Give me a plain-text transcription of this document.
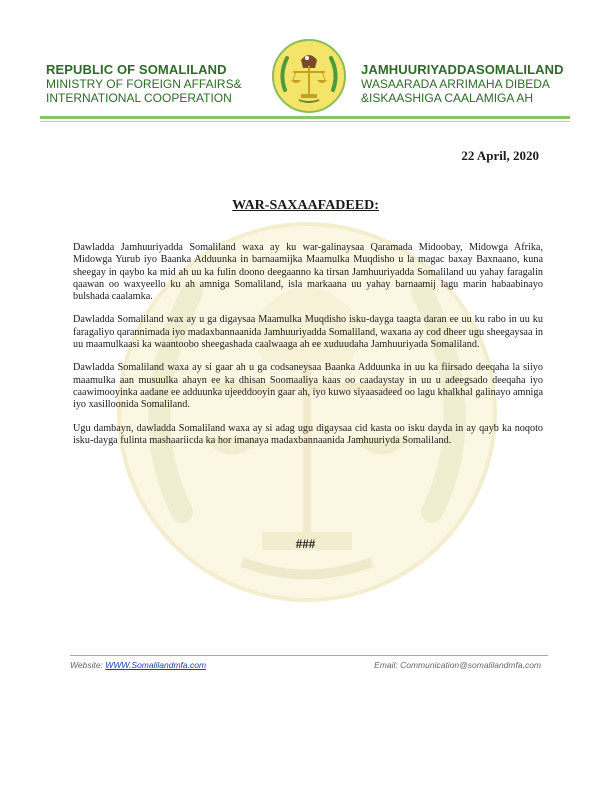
REPUBLIC OF SOMALILAND
MINISTRY OF FOREIGN AFFAIRS&
INTERNATIONAL COOPERATION
JAMHUURIYADDASOMALILAND
WASAARADA ARRIMAHA DIBEDA
&ISKAASHIGA CAALAMIGA AH
22 April, 2020
WAR-SAXAAFADEED:

Dawladda Jamhuuriyadda Somaliland waxa ay ku war-galinaysaa Qaramada Midoobay, Midowga Afrika, Midowga Yurub iyo Baanka Adduunka in barnaamijka Maamulka Muqdisho u la magac baxay Baxnaano, kuna sheegay in qaybo ka mid ah uu ka fulin doono deegaanno ka tirsan Jamhuuriyadda Somaliland uu yahay faragalin qaawan oo waxyeello ku ah amniga Somaliland, isla markaana uu yahay barnaamij lagu marin habaabinayo bulshada caalamka.

Dawladda Somaliland wax ay u ga digaysaa Maamulka Muqdisho isku-dayga taagta daran ee uu ku rabo in uu ku faragaliyo qarannimada iyo madaxbannaanida Jamhuuriyadda Somaliland, waxana ay cod dheer ugu sheegaysaa in uu maamulkaasi ka waantoobo sheegashada caalwaaga ah ee xuduudaha Jamhuuriyada Somaliland.

Dawladda Somaliland waxa ay si gaar ah u ga codsaneysaa Baanka Adduunka in uu ka fiirsado deeqaha la siiyo maamulka aan musuulka ahayn ee ka dhisan Soomaaliya kaas oo caadaystay in uu u adeegsado deeqaha iyo caawimooyinka aadane ee adduunka ujeeddooyin gaar ah, iyo kuwo siyaasadeed oo lagu khalkhal galinayo amniga iyo xasilloonida Somaliland.

Ugu dambayn, dawladda Somaliland waxa ay si adag ugu digaysaa cid kasta oo isku dayda in ay qayb ka noqoto isku-dayga fulinta mashaariicda ka hor imanaya madaxbannaanida Jamhuuriyda Somaliland.

###
Website: WWW.Somalilandmfa.com	Email: Communication@somalilandmfa.com
